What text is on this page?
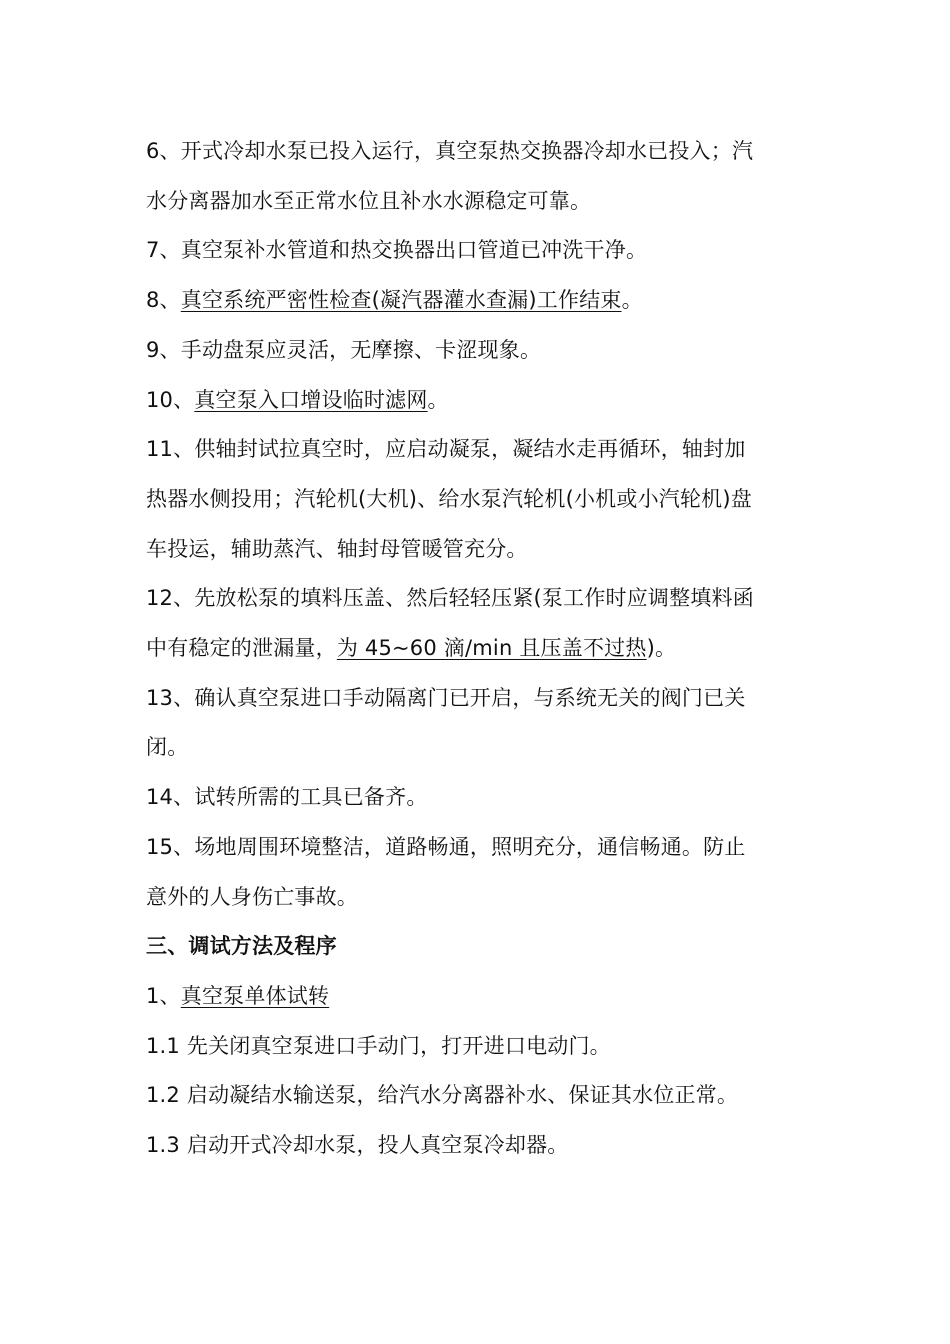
6、开式冷却水泵已投入运行，真空泵热交换器冷却水已投入；汽
水分离器加水至正常水位且补水水源稳定可靠。
7、真空泵补水管道和热交换器出口管道已冲洗干净。
8、真空系统严密性检查(凝汽器灌水查漏)工作结束。
9、手动盘泵应灵活，无摩擦、卡涩现象。
10、真空泵入口增设临时滤网。
11、供轴封试拉真空时，应启动凝泵，凝结水走再循环，轴封加
热器水侧投用；汽轮机(大机)、给水泵汽轮机(小机或小汽轮机)盘
车投运，辅助蒸汽、轴封母管暖管充分。
12、先放松泵的填料压盖、然后轻轻压紧(泵工作时应调整填料函
中有稳定的泄漏量，为 45~60 滴/min 且压盖不过热)。
13、确认真空泵进口手动隔离门已开启，与系统无关的阀门已关
闭。
14、试转所需的工具已备齐。
15、场地周围环境整洁，道路畅通，照明充分，通信畅通。防止
意外的人身伤亡事故。
三、调试方法及程序
1、真空泵单体试转
1.1 先关闭真空泵进口手动门，打开进口电动门。
1.2 启动凝结水输送泵，给汽水分离器补水、保证其水位正常。
1.3 启动开式冷却水泵，投人真空泵冷却器。
